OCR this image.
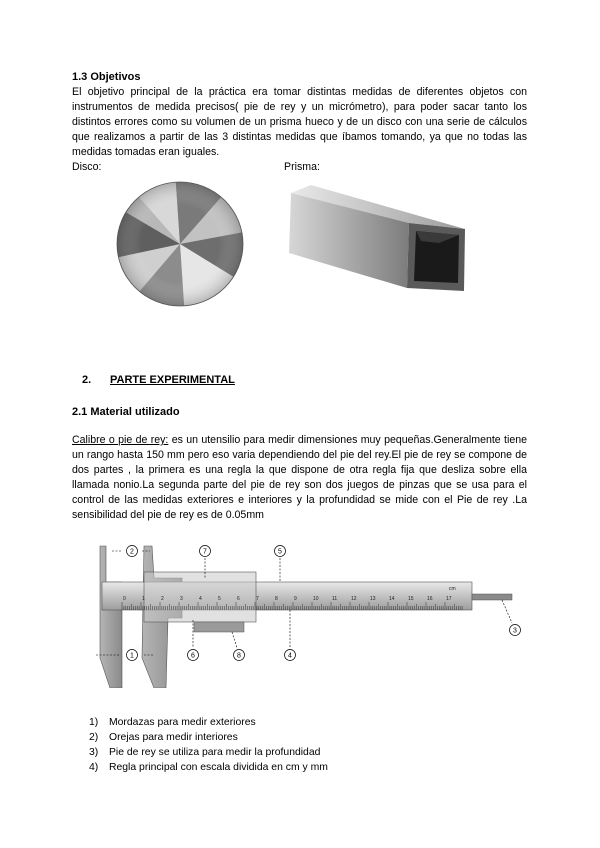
1.3 Objetivos
El objetivo principal de la práctica era tomar distintas medidas de diferentes objetos con instrumentos de medida precisos( pie de rey y un micrómetro), para poder sacar tanto los distintos errores como su volumen de un prisma hueco y de un disco con una serie de cálculos que realizamos a partir de las 3 distintas medidas que íbamos tomando, ya que no todas las medidas tomadas eran iguales.
Disco:	Prisma:
2. PARTE EXPERIMENTAL
2.1 Material utilizado
Calibre o pie de rey: es un utensilio para medir dimensiones muy pequeñas.Generalmente tiene un rango hasta 150 mm pero eso varia dependiendo del pie del rey.El pie de rey se compone de dos partes , la primera es una regla la que dispone de otra regla fija que desliza sobre ella llamada nonio.La segunda parte del pie de rey son dos juegos de pinzas que se usa para el control de las medidas exteriores e interiores y la profundidad se mide con el Pie de rey .La sensibilidad del pie de rey es de 0.05mm
0	1	2	3	4	5	6	7	8	9	10	11	12	13	14	15	16	17
cm
1
2
3
4
5
6
7
8
1) Mordazas para medir exteriores
2) Orejas para medir interiores
3) Pie de rey se utiliza para medir la profundidad
4) Regla principal con escala dividida en cm y mm
